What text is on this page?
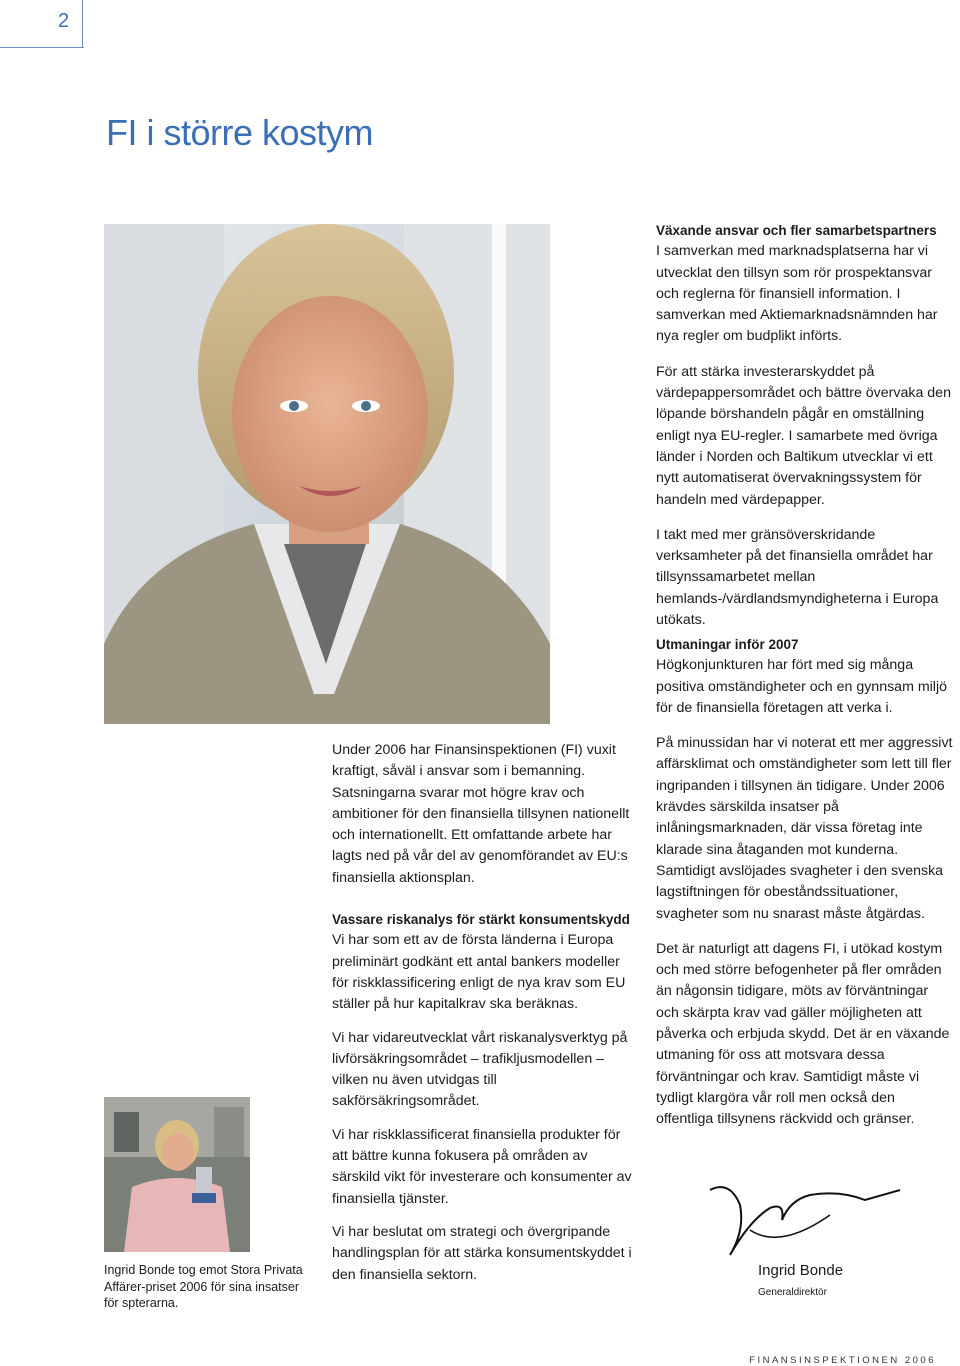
2
FI i större kostym

Under 2006 har Finansinspektionen (FI) vuxit kraftigt, såväl i ansvar som i bemanning. Satsningarna svarar mot högre krav och ambitioner för den finansiella tillsynen nationellt och internationellt. Ett omfattande arbete har lagts ned på vår del av genomförandet av EU:s finansiella aktionsplan.

Vassare riskanalys för stärkt konsumentskydd

Vi har som ett av de första länderna i Europa preliminärt godkänt ett antal bankers modeller för riskklassificering enligt de nya krav som EU ställer på hur kapitalkrav ska beräknas.

Vi har vidareutvecklat vårt riskanalysverktyg på livförsäkringsområdet – trafikljusmodellen – vilken nu även utvidgas till sakförsäkringsområdet.

Vi har riskklassificerat finansiella produkter för att bättre kunna fokusera på områden av särskild vikt för investerare och konsumenter av finansiella tjänster.

Vi har beslutat om strategi och övergripande handlingsplan för att stärka konsumentskyddet i den finansiella sektorn.

Växande ansvar och fler samarbetspartners

I samverkan med marknadsplatserna har vi utvecklat den tillsyn som rör prospektansvar och reglerna för finansiell information. I samverkan med Aktiemarknadsnämnden har nya regler om budplikt införts.

För att stärka investerarskyddet på värdepappersområdet och bättre övervaka den löpande börshandeln pågår en omställning enligt nya EU-regler. I samarbete med övriga länder i Norden och Baltikum utvecklar vi ett nytt automatiserat övervakningssystem för handeln med värdepapper.

I takt med mer gränsöverskridande verksamheter på det finansiella området har tillsynssamarbetet mellan hemlands-/värdlandsmyndigheterna i Europa utökats.

Utmaningar inför 2007

Högkonjunkturen har fört med sig många positiva omständigheter och en gynnsam miljö för de finansiella företagen att verka i.

På minussidan har vi noterat ett mer aggressivt affärsklimat och omständigheter som lett till fler ingripanden i tillsynen än tidigare. Under 2006 krävdes särskilda insatser på inlåningsmarknaden, där vissa företag inte klarade sina åtaganden mot kunderna. Samtidigt avslöjades svagheter i den svenska lagstiftningen för obeståndssituationer, svagheter som nu snarast måste åtgärdas.

Det är naturligt att dagens FI, i utökad kostym och med större befogenheter på fler områden än någonsin tidigare, möts av förväntningar och skärpta krav vad gäller möjligheten att påverka och erbjuda skydd. Det är en växande utmaning för oss att motsvara dessa förväntningar och krav. Samtidigt måste vi tydligt klargöra vår roll men också den offentliga tillsynens räckvidd och gränser.

Ingrid Bonde tog emot Stora Privata Affärer-priset 2006 för sina insatser för spterarna.
Ingrid Bonde
Generaldirektör
FINANSINSPEKTIONEN 2006
